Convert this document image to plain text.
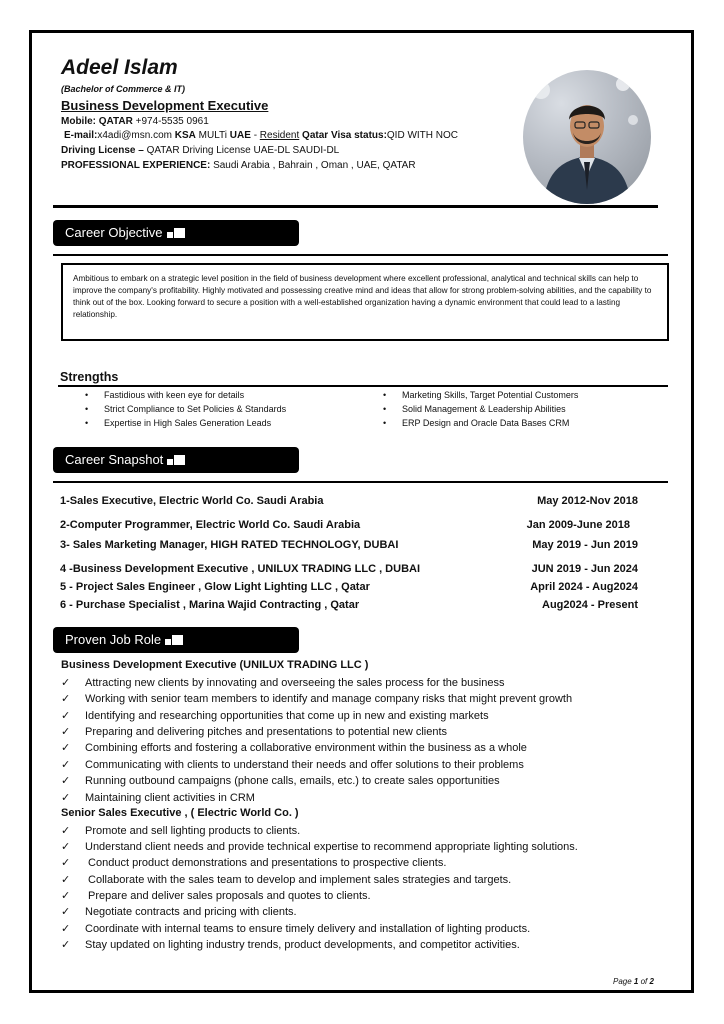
Adeel Islam
(Bachelor of Commerce & IT)
Business Development Executive
Mobile: QATAR +974-5535 0961
E-mail:x4adi@msn.com KSA MULTi UAE - Resident Qatar Visa status:QID WITH NOC
Driving License – QATAR Driving License UAE-DL SAUDI-DL
PROFESSIONAL EXPERIENCE: Saudi Arabia , Bahrain , Oman , UAE, QATAR
Career Objective
Ambitious to embark on a strategic level position in the field of business development where excellent professional, analytical and technical skills can help to improve the company's profitability. Highly motivated and possessing creative mind and ideas that allow for strong problem-solving abilities, and the capability to think out of the box. Looking forward to secure a position with a well-established organization having a dynamic environment that could lead to a lasting relationship.
Strengths
• Fastidious with keen eye for details
• Strict Compliance to Set Policies & Standards
• Expertise in High Sales Generation Leads
• Marketing Skills, Target Potential Customers
• Solid Management & Leadership Abilities
• ERP Design and Oracle Data Bases CRM
Career Snapshot
1-Sales Executive, Electric World Co. Saudi Arabia	May 2012-Nov 2018
2-Computer Programmer, Electric World Co. Saudi Arabia	Jan 2009-June 2018
3- Sales Marketing Manager, HIGH RATED TECHNOLOGY, DUBAI	May 2019 - Jun 2019
4 -Business Development Executive , UNILUX TRADING LLC , DUBAI	JUN 2019 - Jun 2024
5 - Project Sales Engineer , Glow Light Lighting LLC , Qatar	April 2024 - Aug2024
6 - Purchase Specialist , Marina Wajid Contracting , Qatar	Aug2024 - Present
Proven Job Role
Business Development Executive (UNILUX TRADING LLC )
✓ Attracting new clients by innovating and overseeing the sales process for the business
✓ Working with senior team members to identify and manage company risks that might prevent growth
✓ Identifying and researching opportunities that come up in new and existing markets
✓ Preparing and delivering pitches and presentations to potential new clients
✓ Combining efforts and fostering a collaborative environment within the business as a whole
✓ Communicating with clients to understand their needs and offer solutions to their problems
✓ Running outbound campaigns (phone calls, emails, etc.) to create sales opportunities
✓ Maintaining client activities in CRM
Senior Sales Executive , ( Electric World Co. )
✓ Promote and sell lighting products to clients.
✓ Understand client needs and provide technical expertise to recommend appropriate lighting solutions.
✓ Conduct product demonstrations and presentations to prospective clients.
✓ Collaborate with the sales team to develop and implement sales strategies and targets.
✓ Prepare and deliver sales proposals and quotes to clients.
✓ Negotiate contracts and pricing with clients.
✓ Coordinate with internal teams to ensure timely delivery and installation of lighting products.
✓ Stay updated on lighting industry trends, product developments, and competitor activities.
Page 1 of 2
